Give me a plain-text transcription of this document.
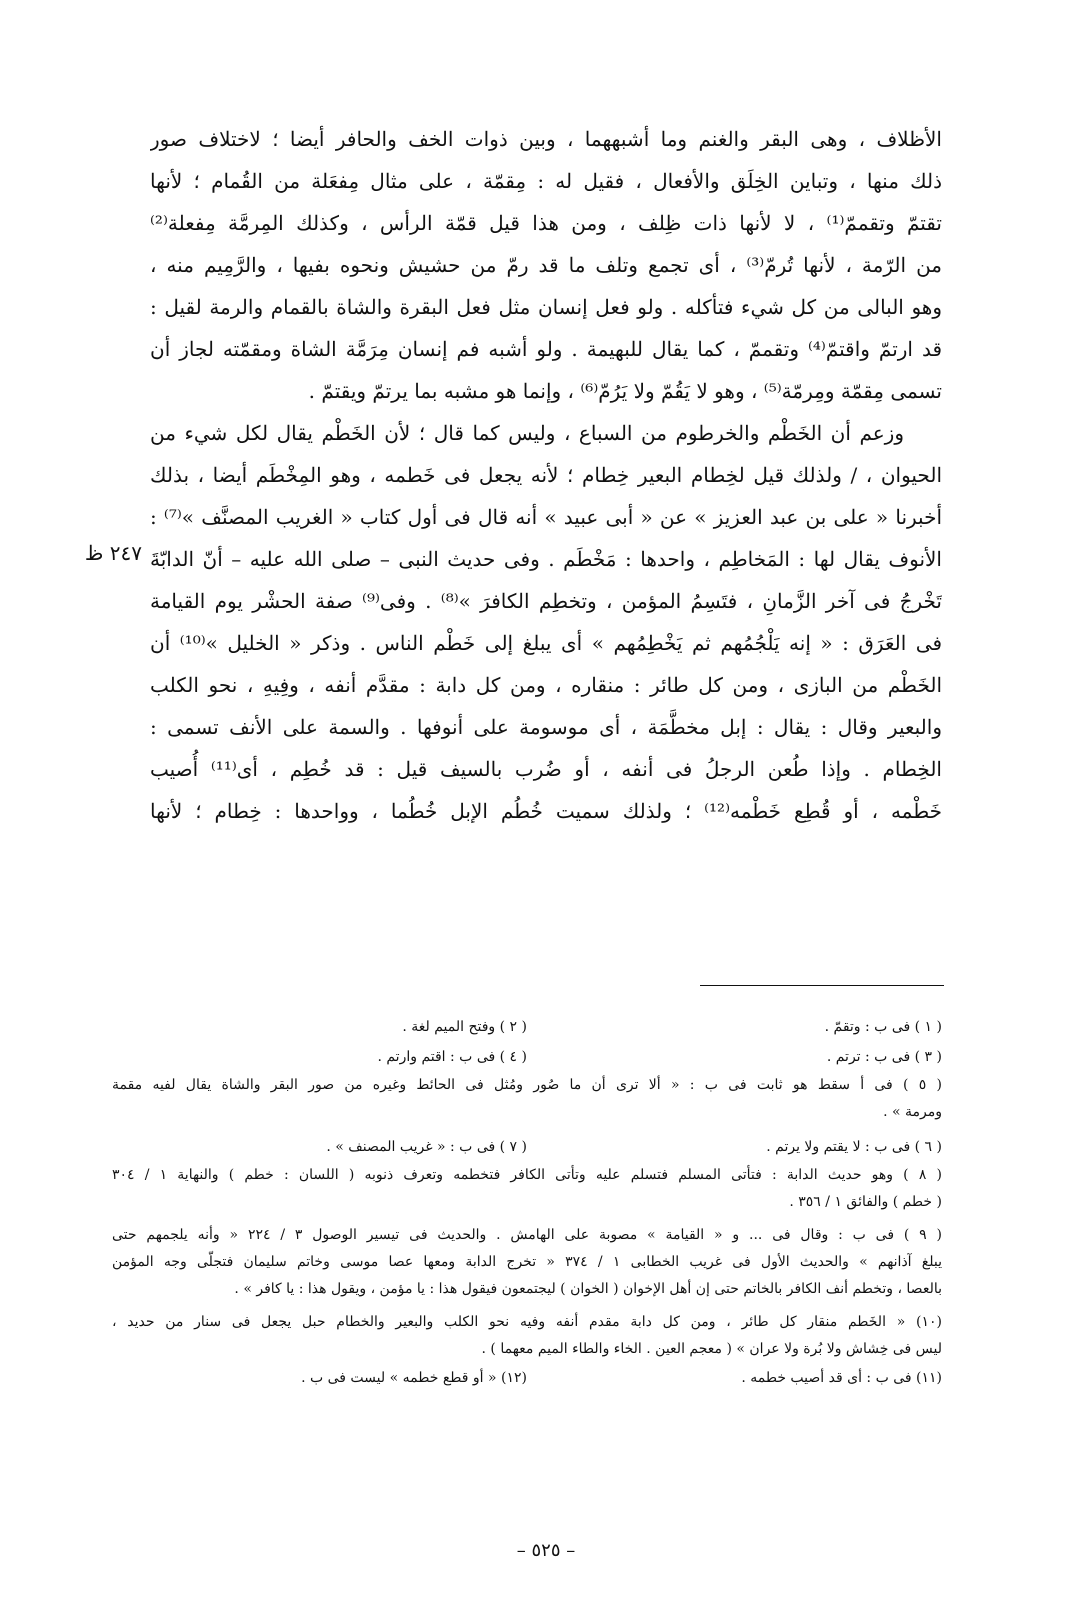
الأظلاف ، وهى البقر والغنم وما أشبههما ، وبين ذوات الخف والحافر أيضا ؛ لاختلاف صور
ذلك منها ، وتباين الخِلَق والأفعال ، فقيل له : مِقمّة ، على مثال مِفعَلة من القُمام ؛ لأنها
تقتمّ وتقممّ⁽¹⁾ ، لا لأنها ذات ظِلف ، ومن هذا قيل قمّة الرأس ، وكذلك المِرمَّة مِفعلة⁽²⁾
من الرّمة ، لأنها تُرمّ⁽³⁾ ، أى تجمع وتلف ما قد رمّ من حشيش ونحوه بفيها ، والرَّمِيم منه ،
وهو البالى من كل شيء فتأكله . ولو فعل إنسان مثل فعل البقرة والشاة بالقمام والرمة لقيل :
قد ارتمّ واقتمّ⁽⁴⁾ وتقممّ ، كما يقال للبهيمة . ولو أشبه فم إنسان مِرَمَّة الشاة ومقمّته لجاز أن
تسمى مِقمّة ومِرمّة⁽⁵⁾ ، وهو لا يَقُمّ ولا يَرُمّ⁽⁶⁾ ، وإنما هو مشبه بما يرتمّ ويقتمّ .
وزعم أن الخَطْم والخرطوم من السباع ، وليس كما قال ؛ لأن الخَطْم يقال لكل شيء من
الحيوان ، / ولذلك قيل لخِطام البعير خِطام ؛ لأنه يجعل فى خَطمه ، وهو المِخْطَم أيضا ، بذلك
أخبرنا « على بن عبد العزيز » عن « أبى عبيد » أنه قال فى أول كتاب « الغريب المصنَّف »⁽⁷⁾ :
الأنوف يقال لها : المَخاطِم ، واحدها : مَخْطَم . وفى حديث النبى – صلى الله عليه – أنّ الدابّةَ
تَخْرجُ فى آخر الزَّمانِ ، فتَسِمُ المؤمن ، وتخطِم الكافرَ »⁽⁸⁾ . وفى⁽⁹⁾ صفة الحشْر يوم القيامة
فى العَرَق : « إنه يَلْجُمُهم ثم يَخْطِمُهم » أى يبلغ إلى خَطْم الناس . وذكر « الخليل »⁽¹⁰⁾ أن
الخَطْم من البازى ، ومن كل طائر : منقاره ، ومن كل دابة : مقدَّم أنفه ، وفِيهِ ، نحو الكلب
والبعير وقال : يقال : إبل مخطَّمَة ، أى موسومة على أنوفها . والسمة على الأنف تسمى :
الخِطام . وإذا طُعن الرجلُ فى أنفه ، أو ضُرب بالسيف قيل : قد خُطِم ، أى⁽¹¹⁾ أُصيب
خَطْمه ، أو قُطِع خَطْمه⁽¹²⁾ ؛ ولذلك سميت خُطُم الإبل خُطُما ، وواحدها : خِطام ؛ لأنها
٢٤٧ ظ
( ١ ) فى ب : وتقمّ .
( ٢ ) وفتح الميم لغة .
( ٣ ) فى ب : ترتم .
( ٤ ) فى ب : اقتم وارتم .
( ٥ ) فى أ سقط هو ثابت فى ب : « ألا ترى أن ما صُور ومُثل فى الحائط وغيره من صور البقر والشاة يقال لفيه مقمة
ومرمة » .
( ٦ ) فى ب : لا يقتم ولا يرتم .
( ٧ ) فى ب : « غريب المصنف » .
( ٨ ) وهو حديث الدابة : فتأتى المسلم فتسلم عليه وتأتى الكافر فتخطمه وتعرف ذنوبه ( اللسان : خطم ) والنهاية ١ / ٣٠٤
( خطم ) والفائق ١ / ٣٥٦ .
( ٩ ) فى ب : وقال فى ... و « القيامة » مصوبة على الهامش . والحديث فى تيسير الوصول ٣ / ٢٢٤ « وأنه يلجمهم حتى
يبلغ آذانهم » والحديث الأول فى غريب الخطابى ١ / ٣٧٤ « تخرج الدابة ومعها عصا موسى وخاتم سليمان فتجلّى وجه المؤمن
بالعصا ، وتخطم أنف الكافر بالخاتم حتى إن أهل الإخوان ( الخوان ) ليجتمعون فيقول هذا : يا مؤمن ، ويقول هذا : يا كافر » .
(١٠) « الخَطم منقار كل طائر ، ومن كل دابة مقدم أنفه وفيه نحو الكلب والبعير والخطام حبل يجعل فى سنار من حديد ،
ليس فى خِشاش ولا بُرة ولا عران » ( معجم العين . الخاء والطاء الميم معهما ) .
(١١) فى ب : أى قد أصيب خطمه .
(١٢) « أو قطع خطمه » ليست فى ب .
– ٥٢٥ –
